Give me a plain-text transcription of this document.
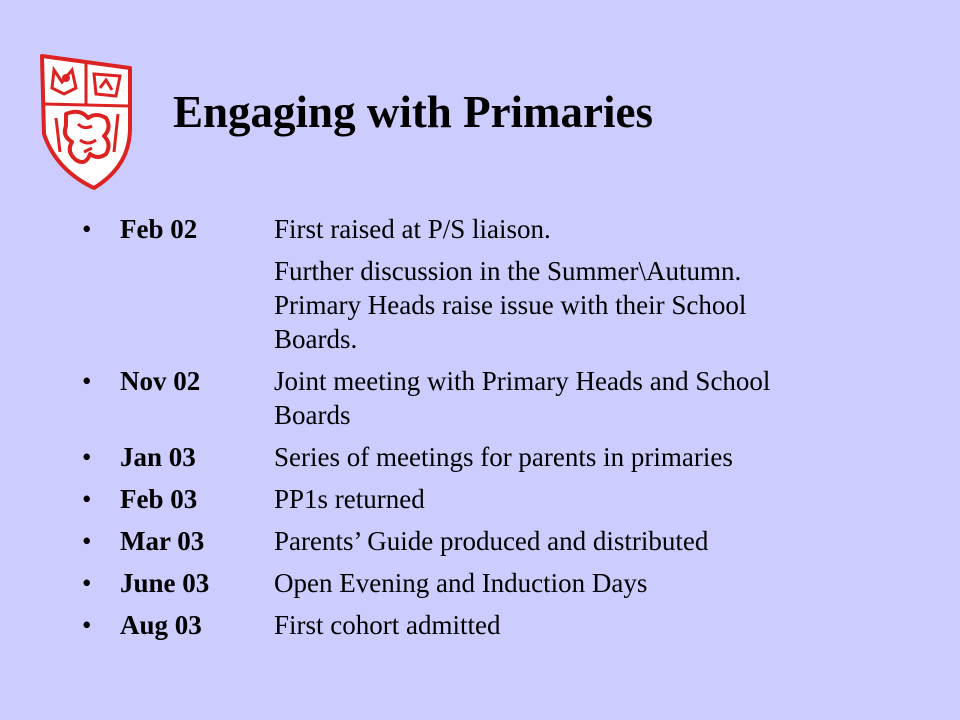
Engaging with Primaries
•	Feb 02	First raised at P/S liaison.
Further discussion in the Summer\Autumn.
Primary Heads raise issue with their School
Boards.
•	Nov 02	Joint meeting with Primary Heads and School
Boards
•	Jan 03	Series of meetings for parents in primaries
•	Feb 03	PP1s returned
•	Mar 03	Parents’ Guide produced and distributed
•	June 03	Open Evening and Induction Days
•	Aug 03	First cohort admitted
